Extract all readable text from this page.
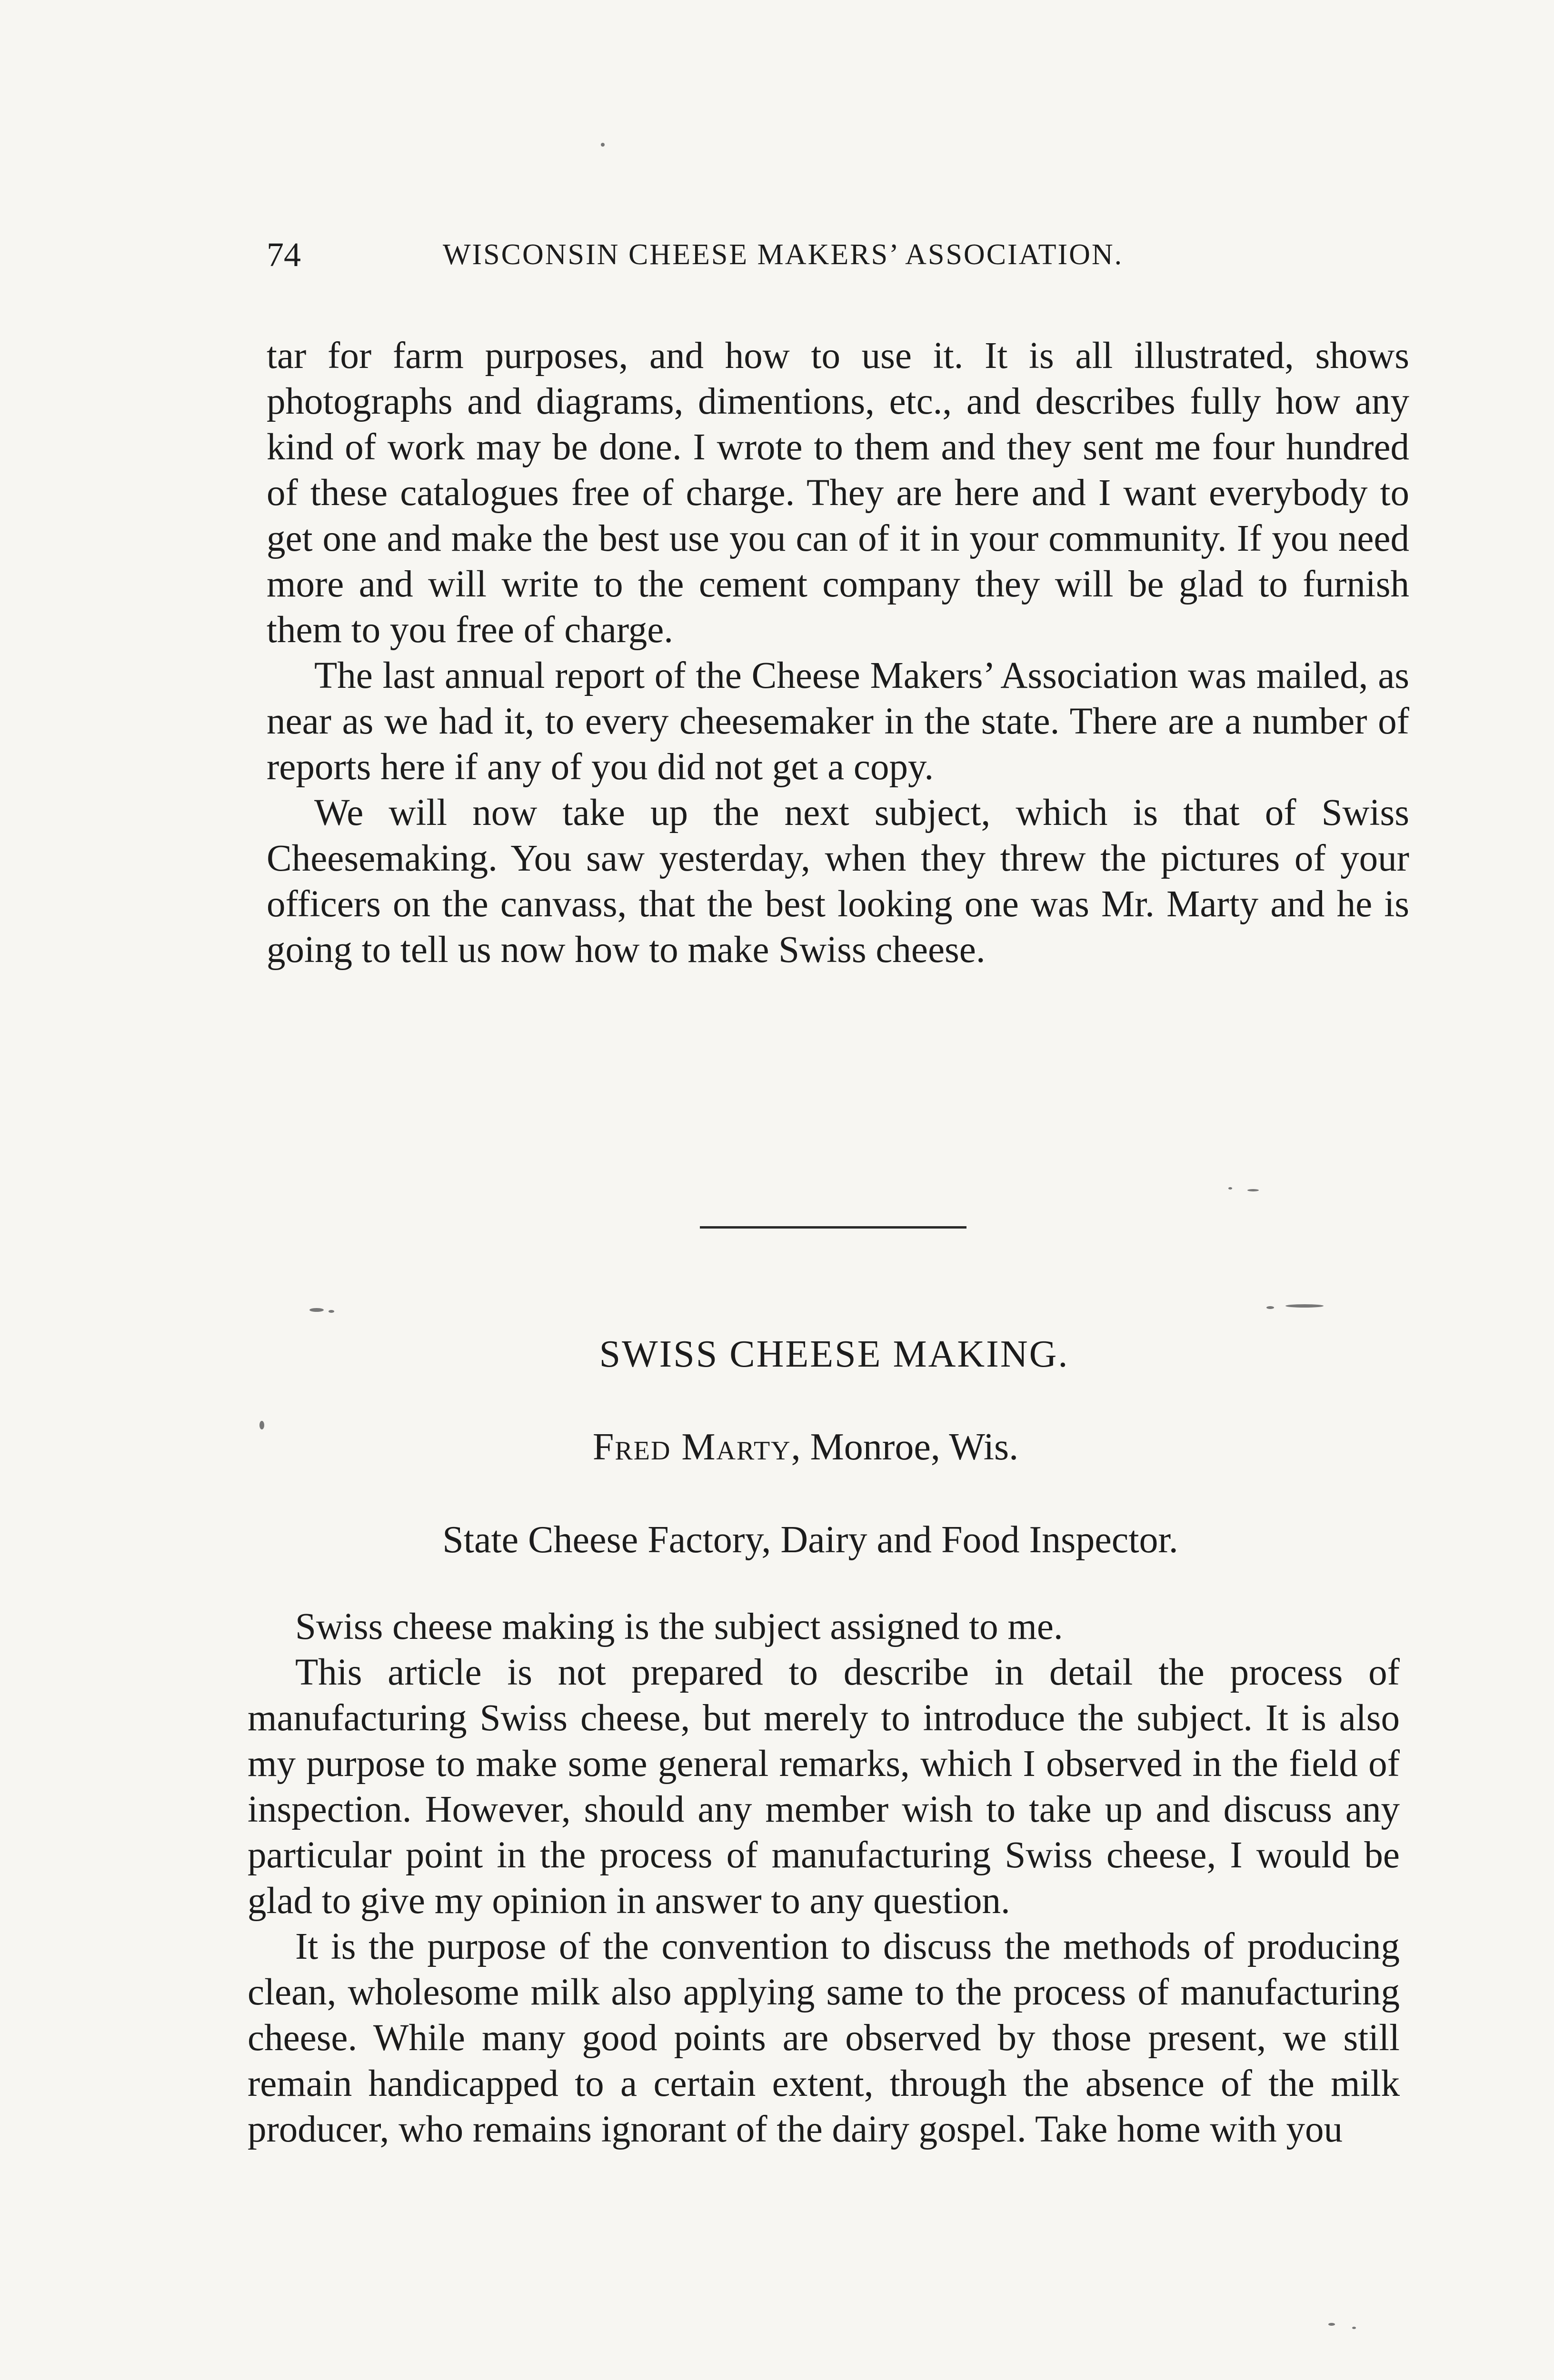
74	WISCONSIN CHEESE MAKERS’ ASSOCIATION.

tar for farm purposes, and how to use it. It is all illustrated, shows photographs and diagrams, dimentions, etc., and describes fully how any kind of work may be done. I wrote to them and they sent me four hundred of these catalogues free of charge. They are here and I want everybody to get one and make the best use you can of it in your community. If you need more and will write to the cement company they will be glad to furnish them to you free of charge.

The last annual report of the Cheese Makers’ Association was mailed, as near as we had it, to every cheesemaker in the state. There are a number of reports here if any of you did not get a copy.

We will now take up the next subject, which is that of Swiss Cheesemaking. You saw yesterday, when they threw the pictures of your officers on the canvass, that the best looking one was Mr. Marty and he is going to tell us now how to make Swiss cheese.

SWISS CHEESE MAKING.
Fred Marty, Monroe, Wis.
State Cheese Factory, Dairy and Food Inspector.

Swiss cheese making is the subject assigned to me.

This article is not prepared to describe in detail the process of manufacturing Swiss cheese, but merely to introduce the subject. It is also my purpose to make some general remarks, which I observed in the field of inspection. However, should any member wish to take up and discuss any particular point in the process of manufacturing Swiss cheese, I would be glad to give my opinion in answer to any question.

It is the purpose of the convention to discuss the methods of producing clean, wholesome milk also applying same to the process of manufacturing cheese. While many good points are observed by those present, we still remain handicapped to a certain extent, through the absence of the milk producer, who remains ignorant of the dairy gospel. Take home with you
